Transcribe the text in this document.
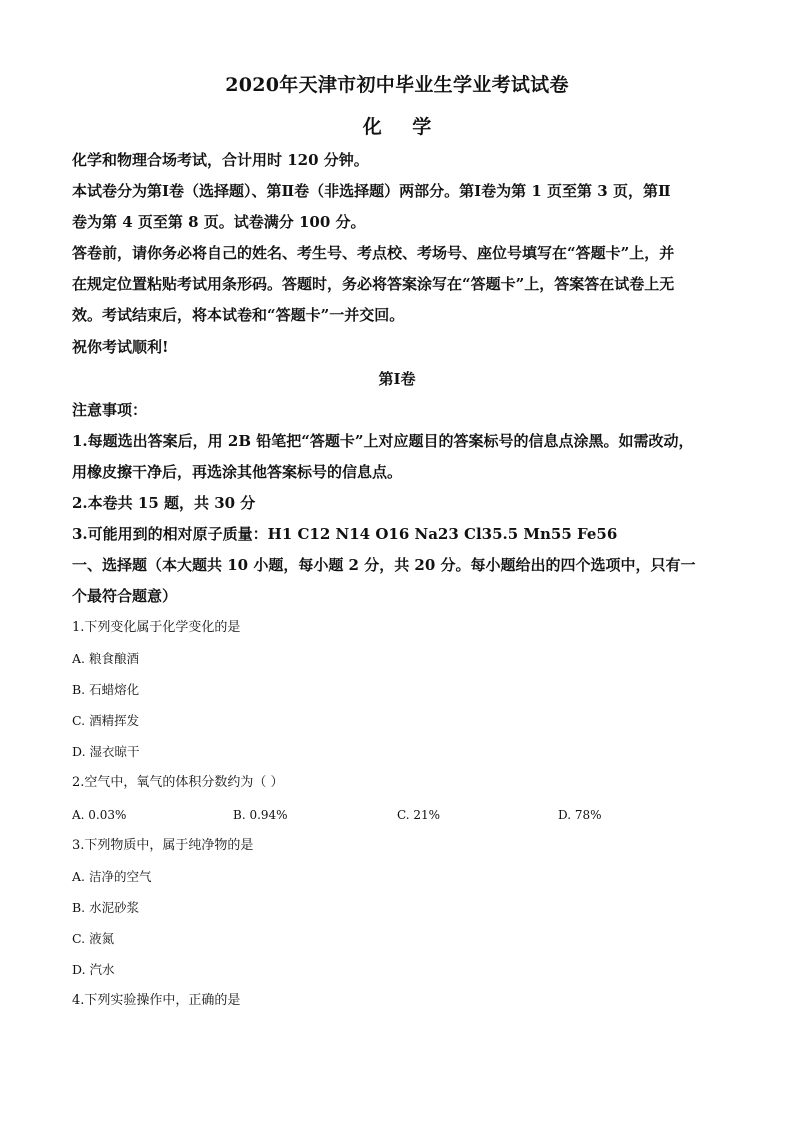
2020年天津市初中毕业生学业考试试卷
化 学
化学和物理合场考试，合计用时 120 分钟。
本试卷分为第Ⅰ卷（选择题）、第Ⅱ卷（非选择题）两部分。第Ⅰ卷为第 1 页至第 3 页，第Ⅱ
卷为第 4 页至第 8 页。试卷满分 100 分。
答卷前，请你务必将自己的姓名、考生号、考点校、考场号、座位号填写在“答题卡”上，并
在规定位置粘贴考试用条形码。答题时，务必将答案涂写在“答题卡”上，答案答在试卷上无
效。考试结束后，将本试卷和“答题卡”一并交回。
祝你考试顺利!
第Ⅰ卷
注意事项：
1.每题选出答案后，用 2B 铅笔把“答题卡”上对应题目的答案标号的信息点涂黑。如需改动，
用橡皮擦干净后，再选涂其他答案标号的信息点。
2.本卷共 15 题，共 30 分
3.可能用到的相对原子质量：H1 C12 N14 O16 Na23 Cl35.5 Mn55 Fe56
一、选择题（本大题共 10 小题，每小题 2 分，共 20 分。每小题给出的四个选项中，只有一
个最符合题意）
1.下列变化属于化学变化的是
A. 粮食酿酒
B. 石蜡熔化
C. 酒精挥发
D. 湿衣晾干
2.空气中，氧气的体积分数约为（ ）
A. 0.03%	B. 0.94%	C. 21%	D. 78%
3.下列物质中，属于纯净物的是
A. 洁净的空气
B. 水泥砂浆
C. 液氮
D. 汽水
4.下列实验操作中，正确的是
